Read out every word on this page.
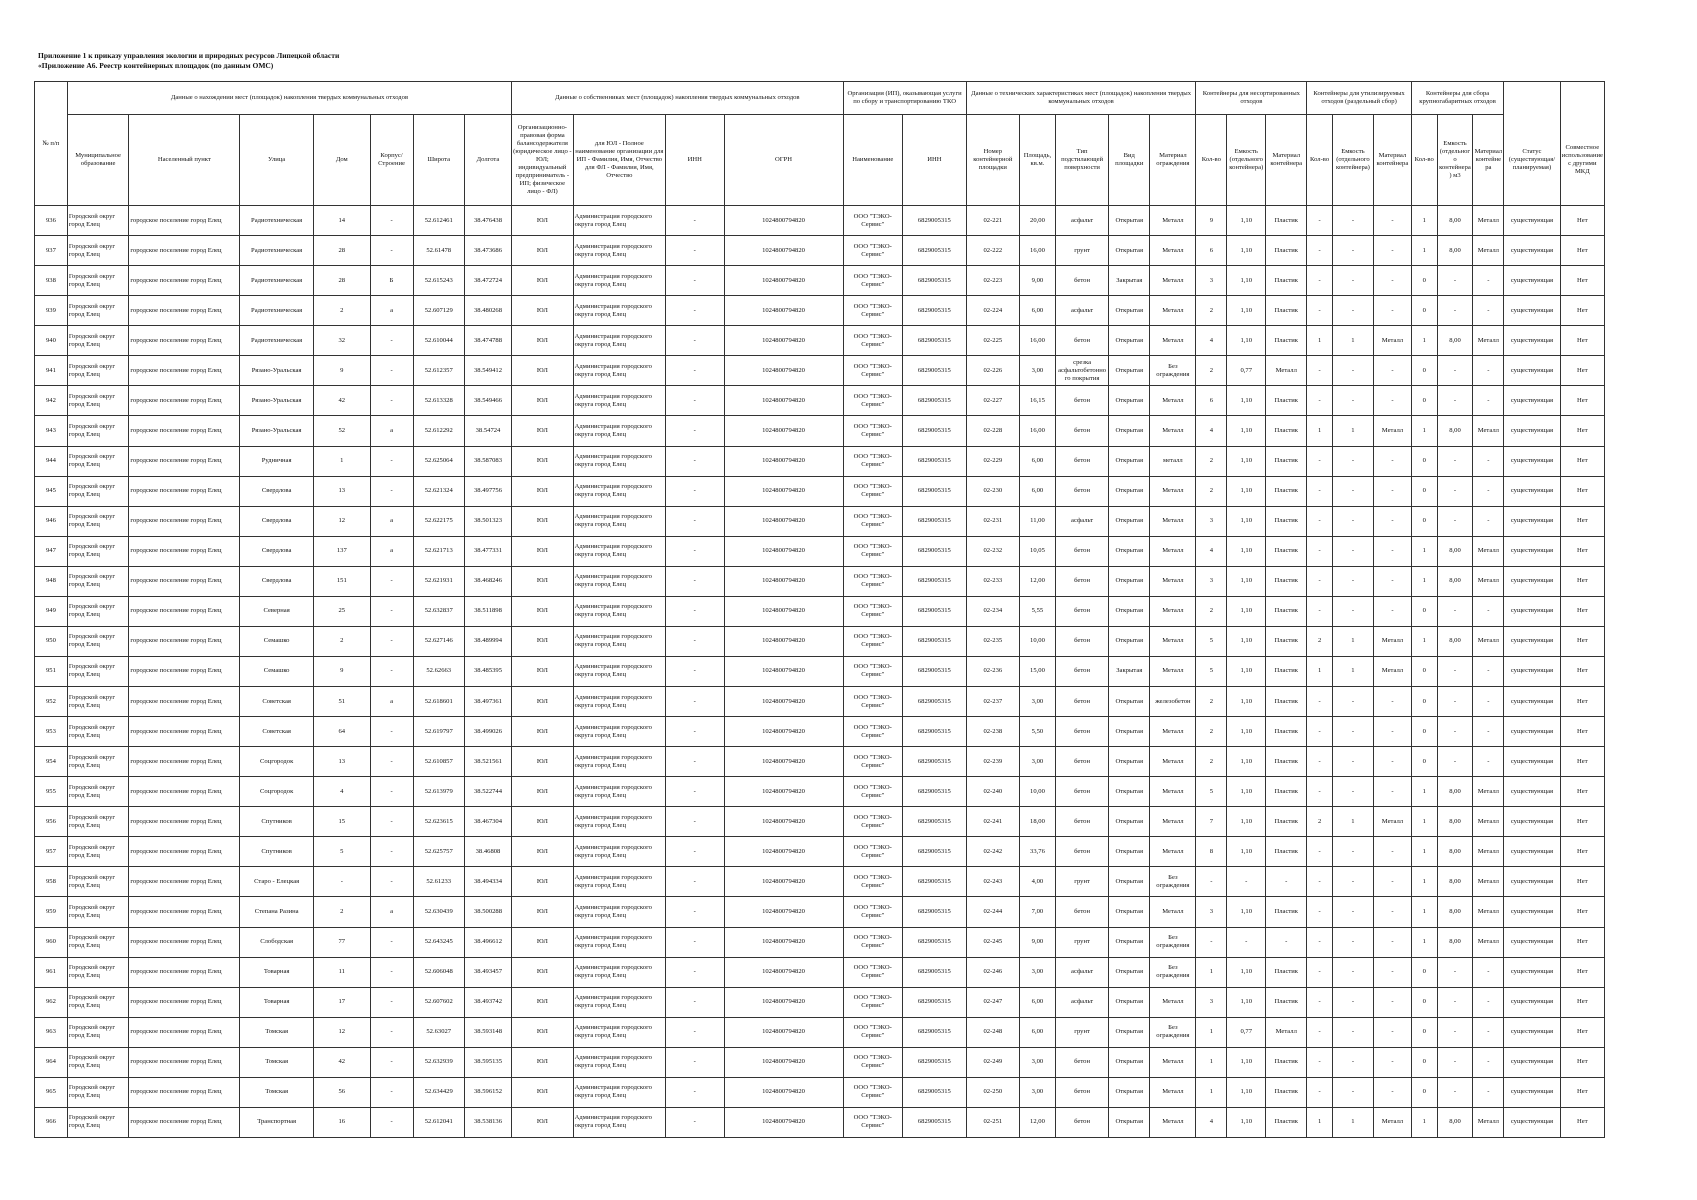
Приложение 1 к приказу управления экологии и природных ресурсов Липецкой области
«Приложение А6. Реестр контейнерных площадок (по данным ОМС)
№ п/п	Данные о нахождении мест (площадок) накопления твердых коммунальных отходов							Данные о собственниках мест (площадок) накопления твердых коммунальных отходов				Организация (ИП), оказывающая услуги по сбору и транспортированию ТКО		Данные о технических характеристиках мест (площадок) накопления твердых коммунальных отходов					Контейнеры для несортированных отходов			Контейнеры для утилизируемых отходов (раздельный сбор)			Контейнеры для сбора крупногабаритных отходов				
	Муниципальное образование	Населенный пункт	Улица	Дом	Корпус/Строение	Широта	Долгота	Организационно-правовая форма балансодержателя (юридическое лицо - ЮЛ; индивидуальный предприниматель - ИП; физическое лицо - ФЛ)	для ЮЛ - Полное наименование организации для ИП - Фамилия, Имя, Отчество для ФЛ - Фамилия, Имя, Отчество	ИНН	ОГРН	Наименование	ИНН	Номер контейнерной площадки	Площадь, кв.м.	Тип подстилающей поверхности	Вид площадки	Материал ограждения	Кол-во	Емкость (отдельного контейнера)	Материал контейнера	Кол-во	Емкость (отдельного контейнера)	Материал контейнера	Кол-во	Емкость (отдельного контейнера) м3	Материал контейнера	Статус (существующая/ планируемая)	Совместное использование с другими МКД
936	Городской округ город Елец	городское поселение город Елец	Радиотехническая	14	-	52.612461	38.476438	ЮЛ	Администрация городского округа город Елец	-	1024800794820	ООО "ТЭКО-Сервис"	6829005315	02-221	20,00	асфальт	Открытая	Металл	9	1,10	Пластик	-	-	-	1	8,00	Металл	существующая	Нет
937	Городской округ город Елец	городское поселение город Елец	Радиотехническая	28	-	52.61478	38.473686	ЮЛ	Администрация городского округа город Елец	-	1024800794820	ООО "ТЭКО-Сервис"	6829005315	02-222	16,00	грунт	Открытая	Металл	6	1,10	Пластик	-	-	-	1	8,00	Металл	существующая	Нет
938	Городской округ город Елец	городское поселение город Елец	Радиотехническая	28	Б	52.615243	38.472724	ЮЛ	Администрация городского округа город Елец	-	1024800794820	ООО "ТЭКО-Сервис"	6829005315	02-223	9,00	бетон	Закрытая	Металл	3	1,10	Пластик	-	-	-	0	-	-	существующая	Нет
939	Городской округ город Елец	городское поселение город Елец	Радиотехническая	2	а	52.607129	38.480268	ЮЛ	Администрация городского округа город Елец	-	1024800794820	ООО "ТЭКО-Сервис"	6829005315	02-224	6,00	асфальт	Открытая	Металл	2	1,10	Пластик	-	-	-	0	-	-	существующая	Нет
940	Городской округ город Елец	городское поселение город Елец	Радиотехническая	32	-	52.610044	38.474788	ЮЛ	Администрация городского округа город Елец	-	1024800794820	ООО "ТЭКО-Сервис"	6829005315	02-225	16,00	бетон	Открытая	Металл	4	1,10	Пластик	1	1	Металл	1	8,00	Металл	существующая	Нет
941	Городской округ город Елец	городское поселение город Елец	Рязано-Уральская	9	-	52.612357	38.549412	ЮЛ	Администрация городского округа город Елец	-	1024800794820	ООО "ТЭКО-Сервис"	6829005315	02-226	3,00	срезка асфальтобетонного покрытия	Открытая	Без ограждения	2	0,77	Металл	-	-	-	0	-	-	существующая	Нет
942	Городской округ город Елец	городское поселение город Елец	Рязано-Уральская	42	-	52.613328	38.549466	ЮЛ	Администрация городского округа город Елец	-	1024800794820	ООО "ТЭКО-Сервис"	6829005315	02-227	16,15	бетон	Открытая	Металл	6	1,10	Пластик	-	-	-	0	-	-	существующая	Нет
943	Городской округ город Елец	городское поселение город Елец	Рязано-Уральская	52	а	52.612292	38.54724	ЮЛ	Администрация городского округа город Елец	-	1024800794820	ООО "ТЭКО-Сервис"	6829005315	02-228	16,00	бетон	Открытая	Металл	4	1,10	Пластик	1	1	Металл	1	8,00	Металл	существующая	Нет
944	Городской округ город Елец	городское поселение город Елец	Рудничная	1	-	52.625064	38.587083	ЮЛ	Администрация городского округа город Елец	-	1024800794820	ООО "ТЭКО-Сервис"	6829005315	02-229	6,00	бетон	Открытая	металл	2	1,10	Пластик	-	-	-	0	-	-	существующая	Нет
945	Городской округ город Елец	городское поселение город Елец	Свердлова	13	-	52.621324	38.497756	ЮЛ	Администрация городского округа город Елец	-	1024800794820	ООО "ТЭКО-Сервис"	6829005315	02-230	6,00	бетон	Открытая	Металл	2	1,10	Пластик	-	-	-	0	-	-	существующая	Нет
946	Городской округ город Елец	городское поселение город Елец	Свердлова	12	а	52.622175	38.501323	ЮЛ	Администрация городского округа город Елец	-	1024800794820	ООО "ТЭКО-Сервис"	6829005315	02-231	11,00	асфальт	Открытая	Металл	3	1,10	Пластик	-	-	-	0	-	-	существующая	Нет
947	Городской округ город Елец	городское поселение город Елец	Свердлова	137	а	52.621713	38.477331	ЮЛ	Администрация городского округа город Елец	-	1024800794820	ООО "ТЭКО-Сервис"	6829005315	02-232	10,05	бетон	Открытая	Металл	4	1,10	Пластик	-	-	-	1	8,00	Металл	существующая	Нет
948	Городской округ город Елец	городское поселение город Елец	Свердлова	151	-	52.621931	38.468246	ЮЛ	Администрация городского округа город Елец	-	1024800794820	ООО "ТЭКО-Сервис"	6829005315	02-233	12,00	бетон	Открытая	Металл	3	1,10	Пластик	-	-	-	1	8,00	Металл	существующая	Нет
949	Городской округ город Елец	городское поселение город Елец	Северная	25	-	52.632837	38.511898	ЮЛ	Администрация городского округа город Елец	-	1024800794820	ООО "ТЭКО-Сервис"	6829005315	02-234	5,55	бетон	Открытая	Металл	2	1,10	Пластик	-	-	-	0	-	-	существующая	Нет
950	Городской округ город Елец	городское поселение город Елец	Семашко	2	-	52.627146	38.489994	ЮЛ	Администрация городского округа город Елец	-	1024800794820	ООО "ТЭКО-Сервис"	6829005315	02-235	10,00	бетон	Открытая	Металл	5	1,10	Пластик	2	1	Металл	1	8,00	Металл	существующая	Нет
951	Городской округ город Елец	городское поселение город Елец	Семашко	9	-	52.62663	38.485395	ЮЛ	Администрация городского округа город Елец	-	1024800794820	ООО "ТЭКО-Сервис"	6829005315	02-236	15,00	бетон	Закрытая	Металл	5	1,10	Пластик	1	1	Металл	0	-	-	существующая	Нет
952	Городской округ город Елец	городское поселение город Елец	Советская	51	а	52.618601	38.497361	ЮЛ	Администрация городского округа город Елец	-	1024800794820	ООО "ТЭКО-Сервис"	6829005315	02-237	3,00	бетон	Открытая	железобетон	2	1,10	Пластик	-	-	-	0	-	-	существующая	Нет
953	Городской округ город Елец	городское поселение город Елец	Советская	64	-	52.619797	38.499026	ЮЛ	Администрация городского округа город Елец	-	1024800794820	ООО "ТЭКО-Сервис"	6829005315	02-238	5,50	бетон	Открытая	Металл	2	1,10	Пластик	-	-	-	0	-	-	существующая	Нет
954	Городской округ город Елец	городское поселение город Елец	Соцгородок	13	-	52.610857	38.521561	ЮЛ	Администрация городского округа город Елец	-	1024800794820	ООО "ТЭКО-Сервис"	6829005315	02-239	3,00	бетон	Открытая	Металл	2	1,10	Пластик	-	-	-	0	-	-	существующая	Нет
955	Городской округ город Елец	городское поселение город Елец	Соцгородок	4	-	52.613979	38.522744	ЮЛ	Администрация городского округа город Елец	-	1024800794820	ООО "ТЭКО-Сервис"	6829005315	02-240	10,00	бетон	Открытая	Металл	5	1,10	Пластик	-	-	-	1	8,00	Металл	существующая	Нет
956	Городской округ город Елец	городское поселение город Елец	Спутников	15	-	52.623615	38.467304	ЮЛ	Администрация городского округа город Елец	-	1024800794820	ООО "ТЭКО-Сервис"	6829005315	02-241	18,00	бетон	Открытая	Металл	7	1,10	Пластик	2	1	Металл	1	8,00	Металл	существующая	Нет
957	Городской округ город Елец	городское поселение город Елец	Спутников	5	-	52.625757	38.46808	ЮЛ	Администрация городского округа город Елец	-	1024800794820	ООО "ТЭКО-Сервис"	6829005315	02-242	33,76	бетон	Открытая	Металл	8	1,10	Пластик	-	-	-	1	8,00	Металл	существующая	Нет
958	Городской округ город Елец	городское поселение город Елец	Старо - Елецкая	-	-	52.61233	38.494334	ЮЛ	Администрация городского округа город Елец	-	1024800794820	ООО "ТЭКО-Сервис"	6829005315	02-243	4,00	грунт	Открытая	Без ограждения	-	-	-	-	-	-	1	8,00	Металл	существующая	Нет
959	Городской округ город Елец	городское поселение город Елец	Степана Разина	2	а	52.630439	38.500288	ЮЛ	Администрация городского округа город Елец	-	1024800794820	ООО "ТЭКО-Сервис"	6829005315	02-244	7,00	бетон	Открытая	Металл	3	1,10	Пластик	-	-	-	1	8,00	Металл	существующая	Нет
960	Городской округ город Елец	городское поселение город Елец	Слободская	77	-	52.643245	38.496612	ЮЛ	Администрация городского округа город Елец	-	1024800794820	ООО "ТЭКО-Сервис"	6829005315	02-245	9,00	грунт	Открытая	Без ограждения	-	-	-	-	-	-	1	8,00	Металл	существующая	Нет
961	Городской округ город Елец	городское поселение город Елец	Товарная	11	-	52.606048	38.493457	ЮЛ	Администрация городского округа город Елец	-	1024800794820	ООО "ТЭКО-Сервис"	6829005315	02-246	3,00	асфальт	Открытая	Без ограждения	1	1,10	Пластик	-	-	-	0	-	-	существующая	Нет
962	Городской округ город Елец	городское поселение город Елец	Товарная	17	-	52.607602	38.493742	ЮЛ	Администрация городского округа город Елец	-	1024800794820	ООО "ТЭКО-Сервис"	6829005315	02-247	6,00	асфальт	Открытая	Металл	3	1,10	Пластик	-	-	-	0	-	-	существующая	Нет
963	Городской округ город Елец	городское поселение город Елец	Томская	12	-	52.63027	38.593148	ЮЛ	Администрация городского округа город Елец	-	1024800794820	ООО "ТЭКО-Сервис"	6829005315	02-248	6,00	грунт	Открытая	Без ограждения	1	0,77	Металл	-	-	-	0	-	-	существующая	Нет
964	Городской округ город Елец	городское поселение город Елец	Томская	42	-	52.632939	38.595135	ЮЛ	Администрация городского округа город Елец	-	1024800794820	ООО "ТЭКО-Сервис"	6829005315	02-249	3,00	бетон	Открытая	Металл	1	1,10	Пластик	-	-	-	0	-	-	существующая	Нет
965	Городской округ город Елец	городское поселение город Елец	Томская	56	-	52.634429	38.596152	ЮЛ	Администрация городского округа город Елец	-	1024800794820	ООО "ТЭКО-Сервис"	6829005315	02-250	3,00	бетон	Открытая	Металл	1	1,10	Пластик	-	-	-	0	-	-	существующая	Нет
966	Городской округ город Елец	городское поселение город Елец	Транспортная	16	-	52.612041	38.538136	ЮЛ	Администрация городского округа город Елец	-	1024800794820	ООО "ТЭКО-Сервис"	6829005315	02-251	12,00	бетон	Открытая	Металл	4	1,10	Пластик	1	1	Металл	1	8,00	Металл	существующая	Нет
